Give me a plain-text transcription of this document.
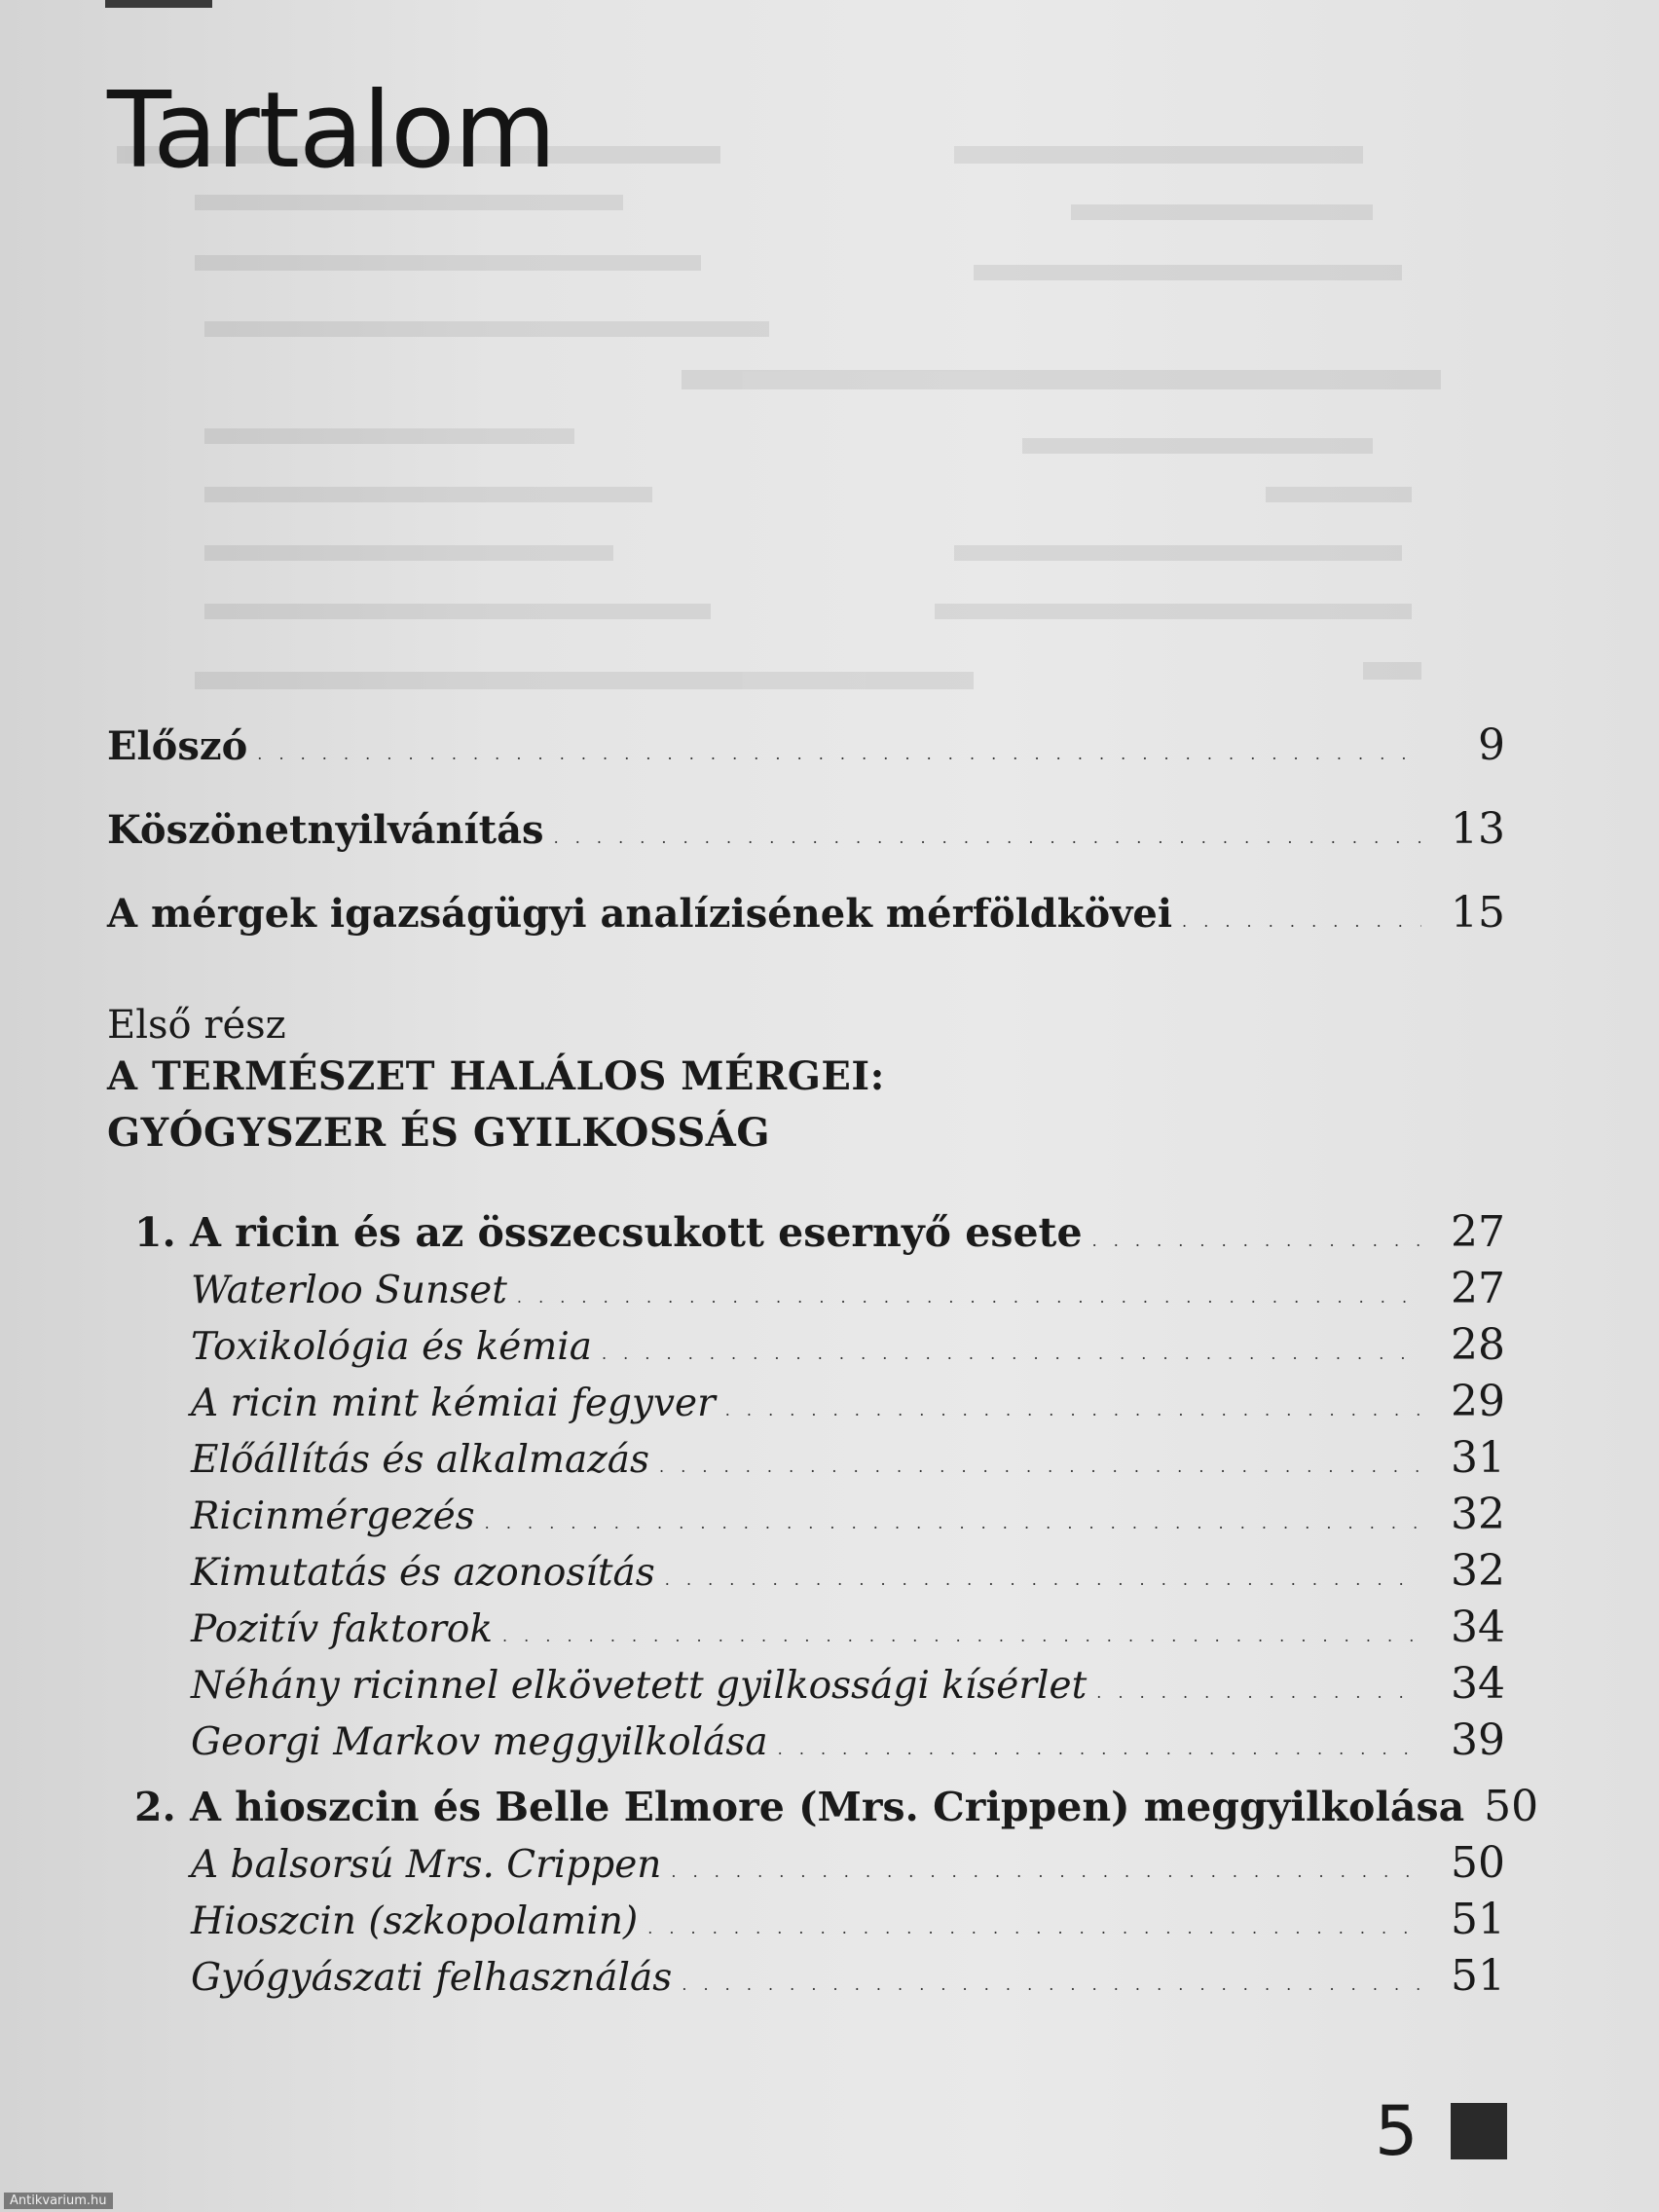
Tartalom
Előszó . . .	9
Köszönetnyilvánítás . . .	13
A mérgek igazságügyi analízisének mérföldkövei . . .	15
Első rész
A TERMÉSZET HALÁLOS MÉRGEI:
GYÓGYSZER ÉS GYILKOSSÁG
1. A ricin és az összecsukott esernyő esete . . .	27
Waterloo Sunset . . .	27
Toxikológia és kémia . . .	28
A ricin mint kémiai fegyver . . .	29
Előállítás és alkalmazás . . .	31
Ricinmérgezés . . .	32
Kimutatás és azonosítás . . .	32
Pozitív faktorok . . .	34
Néhány ricinnel elkövetett gyilkossági kísérlet . . .	34
Georgi Markov meggyilkolása . . .	39
2. A hioszcin és Belle Elmore (Mrs. Crippen) meggyilkolása 50
A balsorsú Mrs. Crippen . . .	50
Hioszcin (szkopolamin) . . .	51
Gyógyászati felhasználás . . .	51
5
Antikvarium.hu
